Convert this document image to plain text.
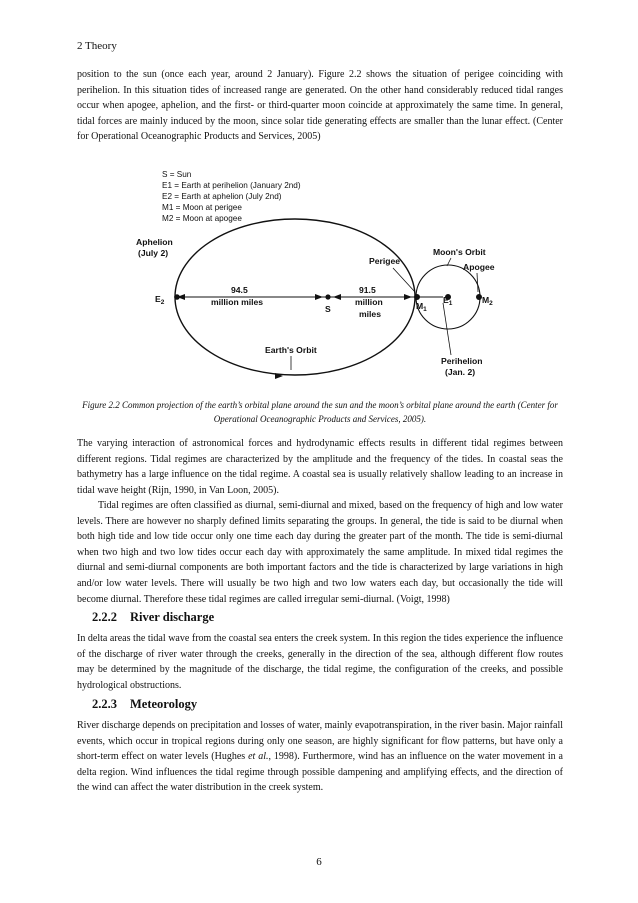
2 Theory

position to the sun (once each year, around 2 January). Figure 2.2 shows the situation of perigee coinciding with perihelion. In this situation tides of increased range are generated. On the other hand considerably reduced tidal ranges occur when apogee, aphelion, and the first- or third-quarter moon coincide at approximately the same time. In general, tidal forces are mainly induced by the moon, since solar tide generating effects are smaller than the lunar effect. (Center for Operational Oceanographic Products and Services, 2005)

S = Sun
E1 = Earth at perihelion (January 2nd)
E2 = Earth at aphelion (July 2nd)
M1 = Moon at perigee
M2 = Moon at apogee
Aphelion
(July 2)
$E_2$
94.5
million miles
S
91.5
million
miles
Perigee
Moon's Orbit
Apogee
$M_1$
$E_1$	$M_2$
Earth's Orbit
Perihelion
(Jan. 2)

Figure 2.2 Common projection of the earth’s orbital plane around the sun and the moon’s orbital plane around the earth (Center for Operational Oceanographic Products and Services, 2005).

The varying interaction of astronomical forces and hydrodynamic effects results in different tidal regimes between different regions. Tidal regimes are characterized by the amplitude and the frequency of the tides. In coastal seas the bathymetry has a large influence on the tidal regime. A coastal sea is usually relatively shallow leading to an increase in tidal wave height (Rijn, 1990, in Van Loon, 2005).

Tidal regimes are often classified as diurnal, semi-diurnal and mixed, based on the frequency of high and low water levels. There are however no sharply defined limits separating the groups. In general, the tide is said to be diurnal when both high tide and low tide occur only one time each day during the greater part of the month. The tide is semi-diurnal when two high and two low tides occur each day with approximately the same amplitude. In mixed tidal regimes the diurnal and semi-diurnal components are both important factors and the tide is characterized by large variations in high and/or low water levels. There will usually be two high and two low waters each day, but occasionally the tide will become diurnal. Therefore these tidal regimes are called irregular semi-diurnal. (Voigt, 1998)

2.2.2 River discharge

In delta areas the tidal wave from the coastal sea enters the creek system. In this region the tides experience the influence of the discharge of river water through the creeks, generally in the direction of the sea, although different flow routes may be determined by the magnitude of the discharge, the tidal regime, the configuration of the creeks, and possible hydrological obstructions.

2.2.3 Meteorology

River discharge depends on precipitation and losses of water, mainly evapotranspiration, in the river basin. Major rainfall events, which occur in tropical regions during only one season, are highly significant for flow patterns, but have only a short-term effect on water levels (Hughes et al., 1998). Furthermore, wind has an influence on the water movement in a delta region. Wind influences the tidal regime through possible dampening and amplifying effects, and the direction of the wind can affect the water distribution in the creek system.

6
